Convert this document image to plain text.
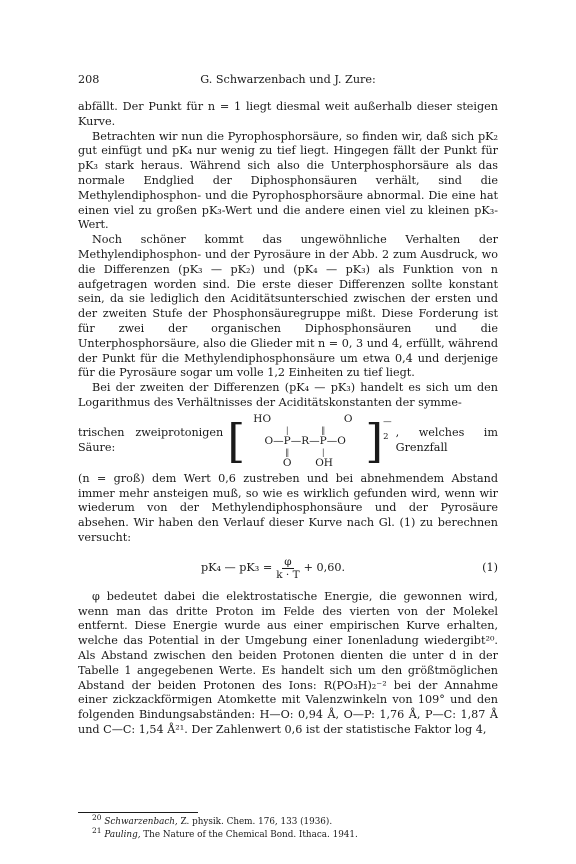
208	G. Schwarzenbach und J. Zure:

abfällt. Der Punkt für n = 1 liegt diesmal weit außerhalb dieser steigen Kurve.

Betrachten wir nun die Pyrophosphorsäure, so finden wir, daß sich pK₂ gut einfügt und pK₄ nur wenig zu tief liegt. Hingegen fällt der Punkt für pK₃ stark heraus. Während sich also die Unterphosphorsäure als das normale Endglied der Diphosphonsäuren verhält, sind die Methylendiphosphon- und die Pyrophosphorsäure abnormal. Die eine hat einen viel zu großen pK₃-Wert und die andere einen viel zu kleinen pK₃-Wert.

Noch schöner kommt das ungewöhnliche Verhalten der Methylendiphosphon- und der Pyrosäure in der Abb. 2 zum Ausdruck, wo die Differenzen (pK₃ — pK₂) und (pK₄ — pK₃) als Funktion von n aufgetragen worden sind. Die erste dieser Differenzen sollte konstant sein, da sie lediglich den Aciditätsunterschied zwischen der ersten und der zweiten Stufe der Phosphonsäuregruppe mißt. Diese Forderung ist für zwei der organischen Diphosphonsäuren und die Unterphosphorsäure, also die Glieder mit n = 0, 3 und 4, erfüllt, während der Punkt für die Methylendiphosphonsäure um etwa 0,4 und derjenige für die Pyrosäure sogar um volle 1,2 Einheiten zu tief liegt.

Bei der zweiten der Differenzen (pK₄ — pK₃) handelt es sich um den Logarithmus des Verhältnisses der Aciditätskonstanten der symme-

trischen zweiprotonigen Säure:	[ HO	O
|	‖
O—P—R—P—O
‖	|
O	OH ] —2 , welches im Grenzfall

(n = groß) dem Wert 0,6 zustreben und bei abnehmendem Abstand immer mehr ansteigen muß, so wie es wirklich gefunden wird, wenn wir wiederum von der Methylendiphosphonsäure und der Pyrosäure absehen. Wir haben den Verlauf dieser Kurve nach Gl. (1) zu berechnen versucht:

pK₄ — $pK_3 = \frac{\varphi}{k \cdot T} + 0,60$.	(1)

φ bedeutet dabei die elektrostatische Energie, die gewonnen wird, wenn man das dritte Proton im Felde des vierten von der Molekel entfernt. Diese Energie wurde aus einer empirischen Kurve erhalten, welche das Potential in der Umgebung einer Ionenladung wiedergibt²⁰. Als Abstand zwischen den beiden Protonen dienten die unter d in der Tabelle 1 angegebenen Werte. Es handelt sich um den größtmöglichen Abstand der beiden Protonen des Ions: R(PO₃H)₂⁻² bei der Annahme einer zickzackförmigen Atomkette mit Valenzwinkeln von 109° und den folgenden Bindungsabständen: H—O: 0,94 Å, O—P: 1,76 Å, P—C: 1,87 Å und C—C: 1,54 Å²¹. Der Zahlenwert 0,6 ist der statistische Faktor log 4,

$^{20}$ Schwarzenbach, Z. physik. Chem. 176, 133 (1936).
$^{21}$ Pauling, The Nature of the Chemical Bond. Ithaca. 1941.
